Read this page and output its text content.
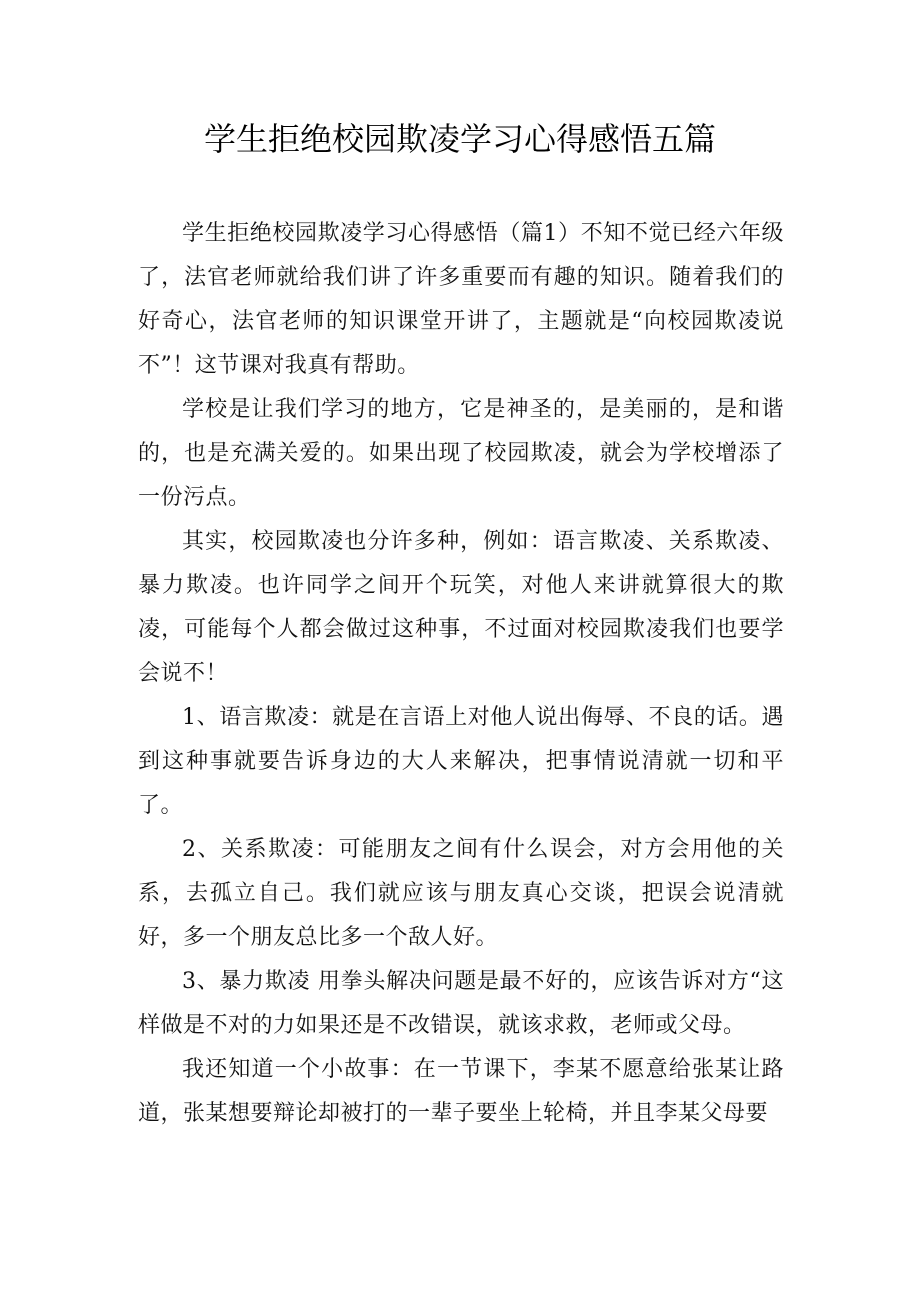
学生拒绝校园欺凌学习心得感悟五篇

学生拒绝校园欺凌学习心得感悟（篇1）不知不觉已经六年级了，法官老师就给我们讲了许多重要而有趣的知识。随着我们的好奇心，法官老师的知识课堂开讲了，主题就是“向校园欺凌说不”！这节课对我真有帮助。

学校是让我们学习的地方，它是神圣的，是美丽的，是和谐的，也是充满关爱的。如果出现了校园欺凌，就会为学校增添了一份污点。

其实，校园欺凌也分许多种，例如：语言欺凌、关系欺凌、暴力欺凌。也许同学之间开个玩笑，对他人来讲就算很大的欺凌，可能每个人都会做过这种事，不过面对校园欺凌我们也要学会说不！

1、语言欺凌：就是在言语上对他人说出侮辱、不良的话。遇到这种事就要告诉身边的大人来解决，把事情说清就一切和平了。

2、关系欺凌：可能朋友之间有什么误会，对方会用他的关系，去孤立自己。我们就应该与朋友真心交谈，把误会说清就好，多一个朋友总比多一个敌人好。

3、暴力欺凌 用拳头解决问题是最不好的，应该告诉对方“这样做是不对的力如果还是不改错误，就该求救，老师或父母。

我还知道一个小故事：在一节课下，李某不愿意给张某让路道，张某想要辩论却被打的一辈子要坐上轮椅，并且李某父母要
